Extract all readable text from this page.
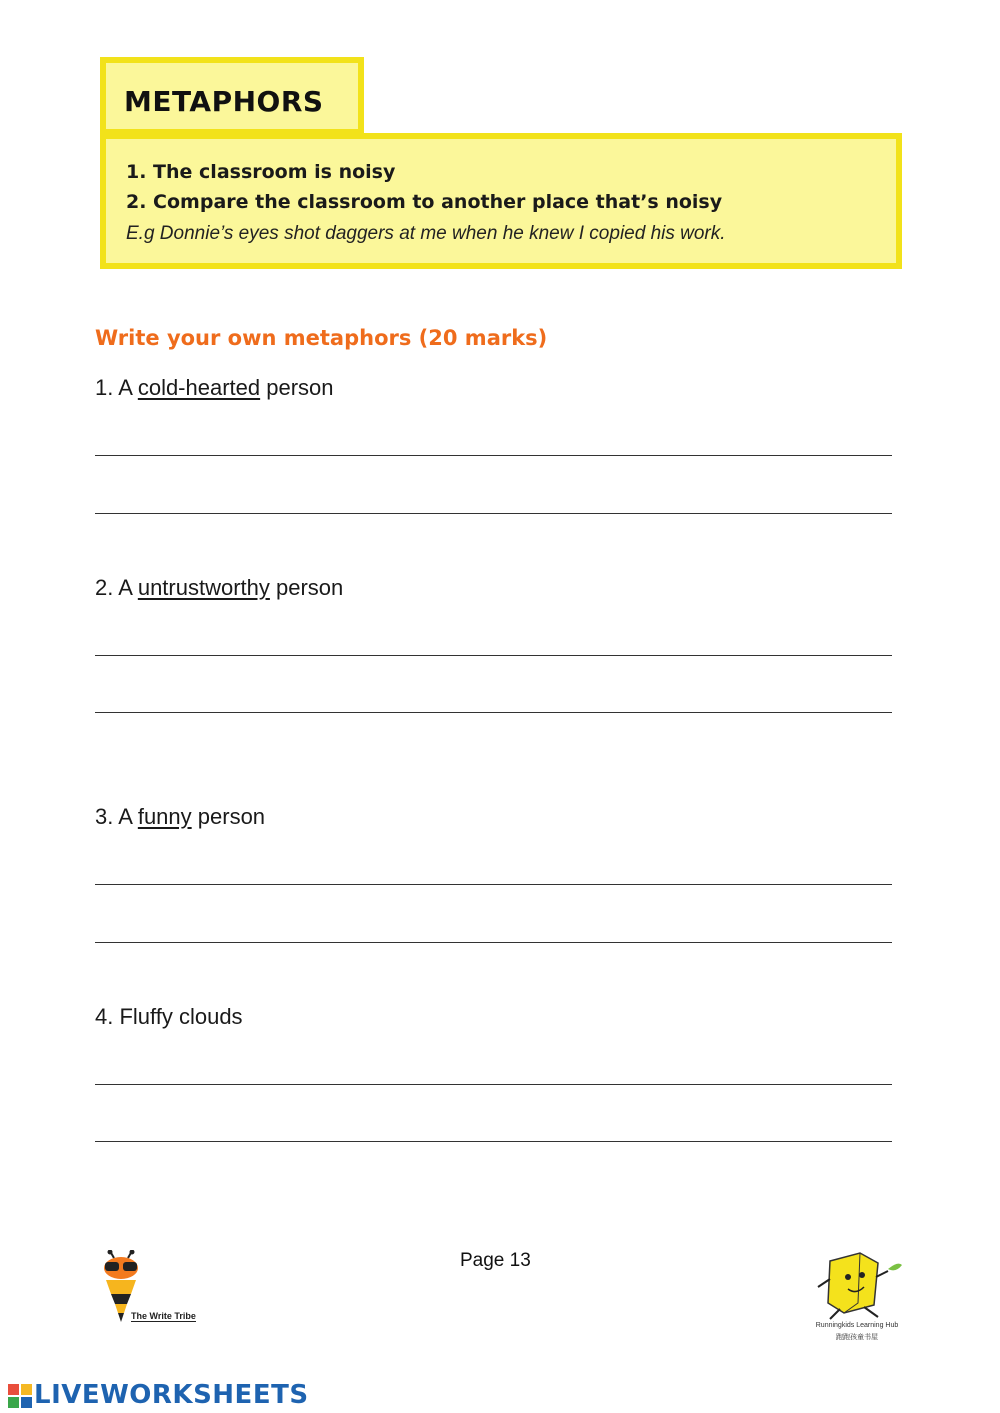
METAPHORS
1. The classroom is noisy
2. Compare the classroom to another place that’s noisy
E.g Donnie’s eyes shot daggers at me when he knew I copied his work.
Write your own metaphors (20 marks)
1. A cold-hearted person
2. A untrustworthy person
3. A funny person
4. Fluffy clouds
Page 13
The Write Tribe
Runningkids Learning Hub
跑跑孩童书屋
LIVEWORKSHEETS
